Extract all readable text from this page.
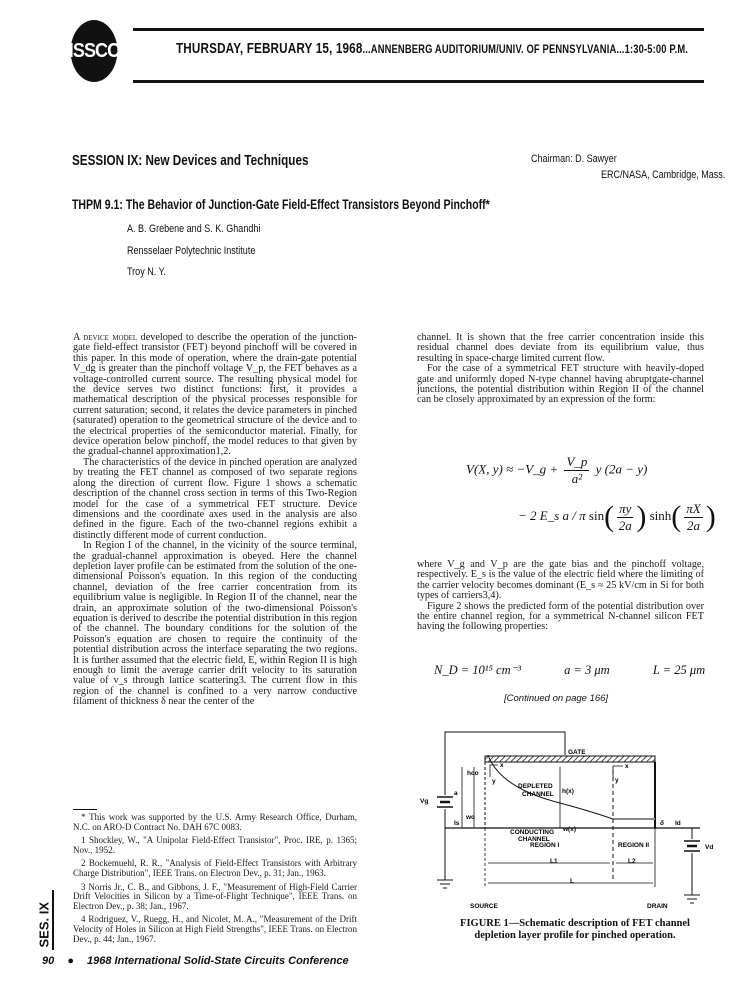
ISSCC	THURSDAY, FEBRUARY 15, 1968...ANNENBERG AUDITORIUM/UNIV. OF PENNSYLVANIA...1:30-5:00 P.M.
SESSION IX: New Devices and Techniques	Chairman: D. Sawyer
ERC/NASA, Cambridge, Mass.
THPM 9.1: The Behavior of Junction-Gate Field-Effect Transistors Beyond Pinchoff*
A. B. Grebene and S. K. Ghandhi
Rensselaer Polytechnic Institute
Troy N. Y.

A device model developed to describe the operation of the junction-gate field-effect transistor (FET) beyond pinchoff will be covered in this paper. In this mode of operation, where the drain-gate potential V_dg is greater than the pinchoff voltage V_p, the FET behaves as a voltage-controlled current source. The resulting physical model for the device serves two distinct functions: first, it provides a mathematical description of the physical processes responsible for current saturation; second, it relates the device parameters in pinched (saturated) operation to the geometrical structure of the device and to the electrical properties of the semiconductor material. Finally, for device operation below pinchoff, the model reduces to that given by the gradual-channel approximation1,2.

The characteristics of the device in pinched operation are analyzed by treating the FET channel as composed of two separate regions along the direction of current flow. Figure 1 shows a schematic description of the channel cross section in terms of this Two-Region model for the case of a symmetrical FET structure. Device dimensions and the coordinate axes used in the analysis are also defined in the figure. Each of the two-channel regions exhibit a distinctly different mode of current conduction.

In Region I of the channel, in the vicinity of the source terminal, the gradual-channel approximation is obeyed. Here the channel depletion layer profile can be estimated from the solution of the one-dimensional Poisson's equation. In this region of the conducting channel, deviation of the free carrier concentration from its equilibrium value is negligible. In Region II of the channel, near the drain, an approximate solution of the two-dimensional Poisson's equation is derived to describe the potential distribution in this region of the channel. The boundary conditions for the solution of the Poisson's equation are chosen to require the continuity of the potential distribution across the interface separating the two regions. It is further assumed that the electric field, E, within Region II is high enough to limit the average carrier drift velocity to its saturation value of v_s through lattice scattering3. The current flow in this region of the channel is confined to a very narrow conductive filament of thickness δ near the center of the

* This work was supported by the U.S. Army Research Office, Durham, N.C. on ARO-D Contract No. DAH 67C 0083.

1 Shockley, W., "A Unipolar Field-Effect Transistor", Proc. IRE, p. 1365; Nov., 1952.

2 Bockemuehl, R. R., "Analysis of Field-Effect Transistors with Arbitrary Charge Distribution", IEEE Trans. on Electron Dev., p. 31; Jan., 1963.

3 Norris Jr., C. B., and Gibbons, J. F., "Measurement of High-Field Carrier Drift Velocities in Silicon by a Time-of-Flight Technique", IEEE Trans. on Electron Dev., p. 38; Jan., 1967.

4 Rodriguez, V., Ruegg, H., and Nicolet, M. A., "Measurement of the Drift Velocity of Holes in Silicon at High Field Strengths", IEEE Trans. on Electron Dev., p. 44; Jan., 1967.

SES. IX
90 ● 1968 International Solid-State Circuits Conference

channel. It is shown that the free carrier concentration inside this residual channel does deviate from its equilibrium value, thus resulting in space-charge limited current flow.

For the case of a symmetrical FET structure with heavily-doped gate and uniformly doped N-type channel having abruptgate-channel junctions, the potential distribution within Region II of the channel can be closely approximated by an expression of the form:

V(X, y) ≈ −V_g + $\frac{V\_p}{\text{a²}}$ y (2a − y)
− 2 E_s a / π $\sin( \frac{\pi y}{2a}$ ) $\sinh( \frac{\pi X}{2a}$ )

where V_g and V_p are the gate bias and the pinchoff voltage, respectively. E_s is the value of the electric field where the limiting of the carrier velocity becomes dominant (E_s ≈ 25 kV/cm in Si for both types of carriers3,4).

Figure 2 shows the predicted form of the potential distribution over the entire channel region, for a symmetrical N-channel silicon FET having the following properties:

N_D = 10¹⁵ cm⁻³	a = 3 μm	L = 25 μm
[Continued on page 166]
GATE
DEPLETED
CHANNEL
CONDUCTING
CHANNEL
REGION I	REGION II
SOURCE	DRAIN
Vg
Vd
a	h(x)
w(x)
hco
wo
L1	L2
L
x
y
x
y
δ
Is	Id
FIGURE 1—Schematic description of FET channel
depletion layer profile for pinched operation.
